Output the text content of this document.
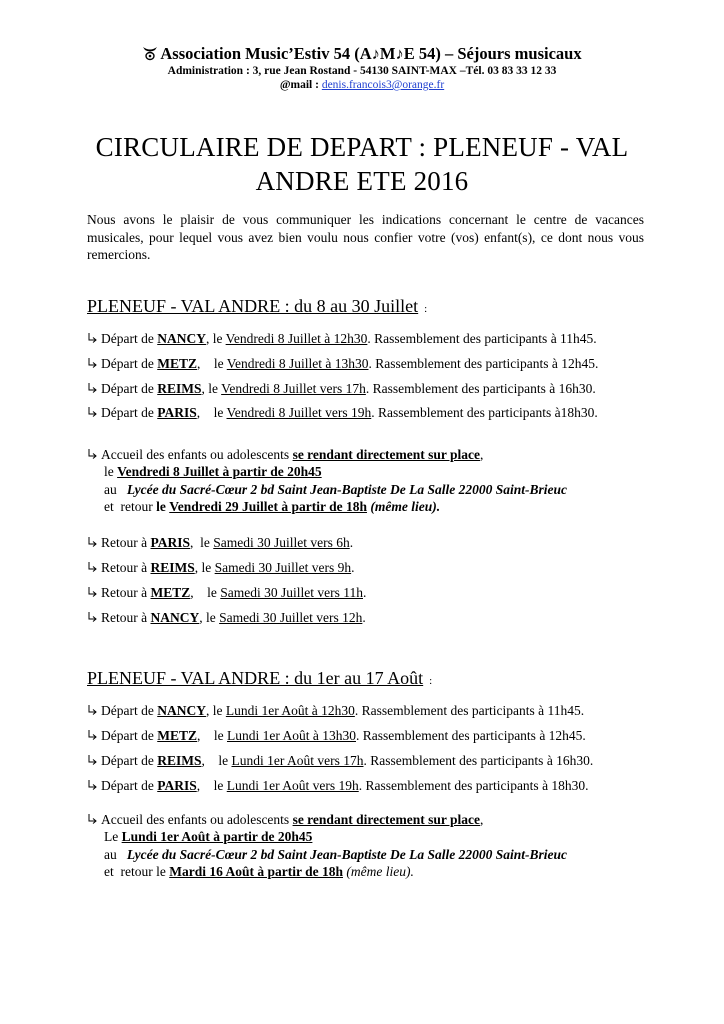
Association Music’Estiv 54 (A♪M♪E 54) – Séjours musicaux
Administration : 3, rue Jean Rostand - 54130 SAINT-MAX –Tél. 03 83 33 12 33
@mail : denis.francois3@orange.fr
CIRCULAIRE DE DEPART : PLENEUF - VAL
ANDRE ETE 2016
Nous avons le plaisir de vous communiquer les indications concernant le centre de vacances musicales, pour lequel vous avez bien voulu nous confier votre (vos) enfant(s), ce dont nous vous remercions.
PLENEUF - VAL ANDRE : du 8 au 30 Juillet :
Départ de NANCY, le Vendredi 8 Juillet à 12h30. Rassemblement des participants à 11h45.
Départ de METZ,    le Vendredi 8 Juillet à 13h30. Rassemblement des participants à 12h45.
Départ de REIMS, le Vendredi 8 Juillet vers 17h. Rassemblement des participants à 16h30.
Départ de PARIS,    le Vendredi 8 Juillet vers 19h. Rassemblement des participants à18h30.
Accueil des enfants ou adolescents se rendant directement sur place,
le Vendredi 8 Juillet à partir de 20h45
au Lycée du Sacré-Cœur 2 bd Saint Jean-Baptiste De La Salle 22000 Saint-Brieuc
et  retour le Vendredi 29 Juillet à partir de 18h (même lieu).
Retour à PARIS,  le Samedi 30 Juillet vers 6h.
Retour à REIMS, le Samedi 30 Juillet vers 9h.
Retour à METZ,    le Samedi 30 Juillet vers 11h.
Retour à NANCY, le Samedi 30 Juillet vers 12h.
PLENEUF - VAL ANDRE : du 1er au 17 Août :
Départ de NANCY, le Lundi 1er Août à 12h30. Rassemblement des participants à 11h45.
Départ de METZ,    le Lundi 1er Août à 13h30. Rassemblement des participants à 12h45.
Départ de REIMS,    le Lundi 1er Août vers 17h. Rassemblement des participants à 16h30.
Départ de PARIS,    le Lundi 1er Août vers 19h. Rassemblement des participants à 18h30.
Accueil des enfants ou adolescents se rendant directement sur place,
Le Lundi 1er Août à partir de 20h45
au Lycée du Sacré-Cœur 2 bd Saint Jean-Baptiste De La Salle 22000 Saint-Brieuc
et  retour le Mardi 16 Août à partir de 18h (même lieu).
